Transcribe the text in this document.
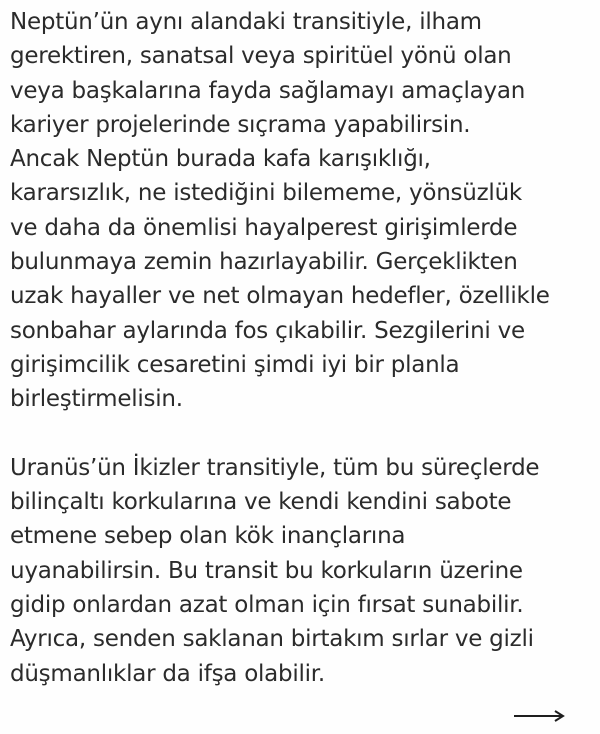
Neptün’ün aynı alandaki transitiyle, ilham
gerektiren, sanatsal veya spiritüel yönü olan
veya başkalarına fayda sağlamayı amaçlayan
kariyer projelerinde sıçrama yapabilirsin.
Ancak Neptün burada kafa karışıklığı,
kararsızlık, ne istediğini bilememe, yönsüzlük
ve daha da önemlisi hayalperest girişimlerde
bulunmaya zemin hazırlayabilir. Gerçeklikten
uzak hayaller ve net olmayan hedefler, özellikle
sonbahar aylarında fos çıkabilir. Sezgilerini ve
girişimcilik cesaretini şimdi iyi bir planla
birleştirmelisin.
Uranüs’ün İkizler transitiyle, tüm bu süreçlerde
bilinçaltı korkularına ve kendi kendini sabote
etmene sebep olan kök inançlarına
uyanabilirsin. Bu transit bu korkuların üzerine
gidip onlardan azat olman için fırsat sunabilir.
Ayrıca, senden saklanan birtakım sırlar ve gizli
düşmanlıklar da ifşa olabilir.
